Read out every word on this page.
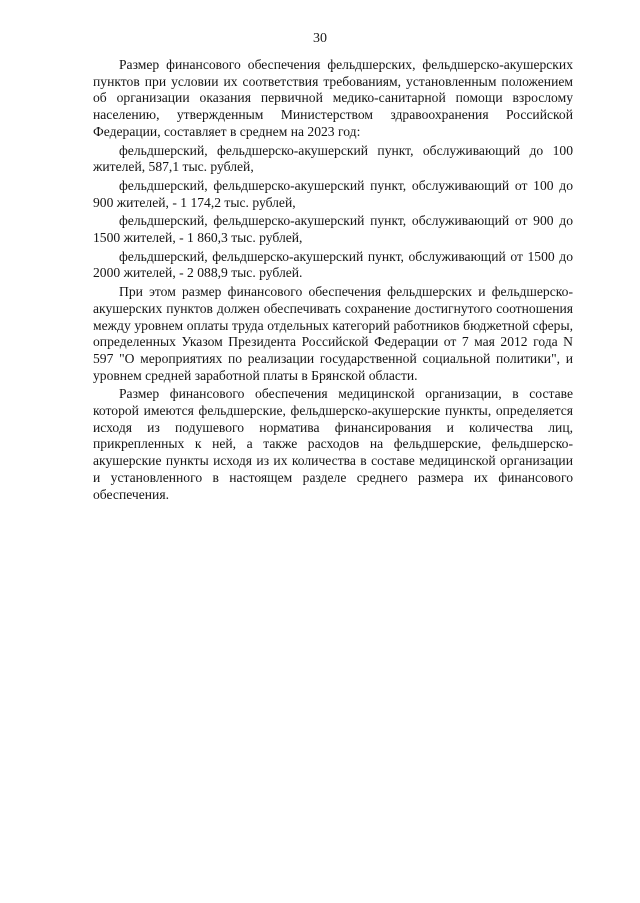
30

Размер финансового обеспечения фельдшерских, фельдшерско-акушерских пунктов при условии их соответствия требованиям, установленным положением об организации оказания первичной медико-санитарной помощи взрослому населению, утвержденным Министерством здравоохранения Российской Федерации, составляет в среднем на 2023 год:

фельдшерский, фельдшерско-акушерский пункт, обслуживающий до 100 жителей, 587,1 тыс. рублей,

фельдшерский, фельдшерско-акушерский пункт, обслуживающий от 100 до 900 жителей, - 1 174,2 тыс. рублей,

фельдшерский, фельдшерско-акушерский пункт, обслуживающий от 900 до 1500 жителей, - 1 860,3 тыс. рублей,

фельдшерский, фельдшерско-акушерский пункт, обслуживающий от 1500 до 2000 жителей, - 2 088,9 тыс. рублей.

При этом размер финансового обеспечения фельдшерских и фельдшерско-акушерских пунктов должен обеспечивать сохранение достигнутого соотношения между уровнем оплаты труда отдельных категорий работников бюджетной сферы, определенных Указом Президента Российской Федерации от 7 мая 2012 года N 597 "О мероприятиях по реализации государственной социальной политики", и уровнем средней заработной платы в Брянской области.

Размер финансового обеспечения медицинской организации, в составе которой имеются фельдшерские, фельдшерско-акушерские пункты, определяется исходя из подушевого норматива финансирования и количества лиц, прикрепленных к ней, а также расходов на фельдшерские, фельдшерско-акушерские пункты исходя из их количества в составе медицинской организации и установленного в настоящем разделе среднего размера их финансового обеспечения.
